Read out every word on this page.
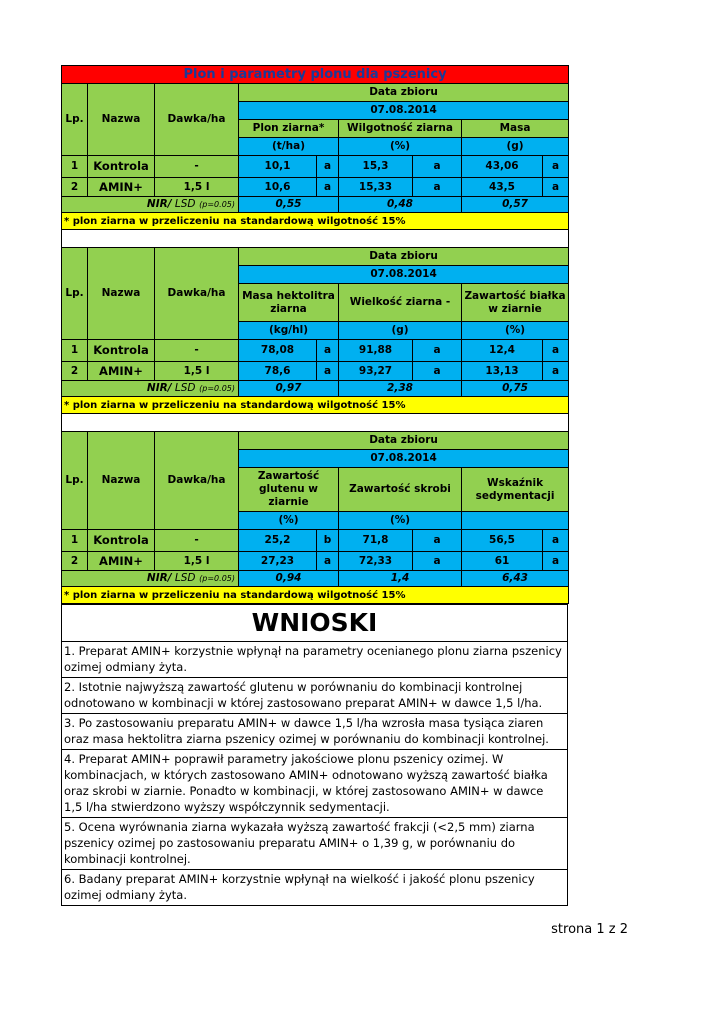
Plon i parametry plonu dla pszenicy								
Lp.	Nazwa	Dawka/ha	Data zbioru					
			07.08.2014					
			Plon ziarna*		Wilgotność ziarna		Masa	
			(t/ha)		(%)		(g)	
1	Kontrola	-	10,1	a	15,3	a	43,06	a
2	AMIN+	1,5 l	10,6	a	15,33	a	43,5	a
NIR/ LSD (p=0.05)			0,55		0,48		0,57	
* plon ziarna w przeliczeniu na standardową wilgotność 15%								

Lp.	Nazwa	Dawka/ha	Data zbioru					
			07.08.2014					
			Masa hektolitra ziarna		Wielkość ziarna -		Zawartość białka w ziarnie	
			(kg/hl)		(g)		(%)	
1	Kontrola	-	78,08	a	91,88	a	12,4	a
2	AMIN+	1,5 l	78,6	a	93,27	a	13,13	a
NIR/ LSD (p=0.05)			0,97		2,38		0,75	
* plon ziarna w przeliczeniu na standardową wilgotność 15%								

Lp.	Nazwa	Dawka/ha	Data zbioru					
			07.08.2014					

			Zawartość glutenu w ziarnie		Zawartość skrobi		Wskaźnik sedymentacji	

			(%)		(%)			
1	Kontrola	-	25,2	b	71,8	a	56,5	a
2	AMIN+	1,5 l	27,23	a	72,33	a	61	a
NIR/ LSD (p=0.05)			0,94		1,4		6,43	
* plon ziarna w przeliczeniu na standardową wilgotność 15%								
WNIOSKI
1. Preparat AMIN+ korzystnie wpłynął na parametry ocenianego plonu ziarna pszenicy ozimej odmiany żyta.
2. Istotnie najwyższą zawartość glutenu w porównaniu do kombinacji kontrolnej odnotowano w kombinacji w której zastosowano preparat AMIN+ w dawce 1,5 l/ha.
3. Po zastosowaniu preparatu AMIN+ w dawce 1,5 l/ha wzrosła masa tysiąca ziaren oraz masa hektolitra ziarna pszenicy ozimej w porównaniu do kombinacji kontrolnej.
4. Preparat AMIN+ poprawił parametry jakościowe plonu pszenicy ozimej. W kombinacjach, w których zastosowano AMIN+ odnotowano wyższą zawartość białka oraz skrobi w ziarnie. Ponadto w kombinacji, w której zastosowano AMIN+ w dawce 1,5 l/ha stwierdzono wyższy współczynnik sedymentacji.
5. Ocena wyrównania ziarna wykazała wyższą zawartość frakcji (<2,5 mm) ziarna pszenicy ozimej po zastosowaniu preparatu AMIN+ o 1,39 g, w porównaniu do kombinacji kontrolnej.
6. Badany preparat AMIN+ korzystnie wpłynął na wielkość i jakość plonu pszenicy ozimej odmiany żyta.
strona 1 z 2
